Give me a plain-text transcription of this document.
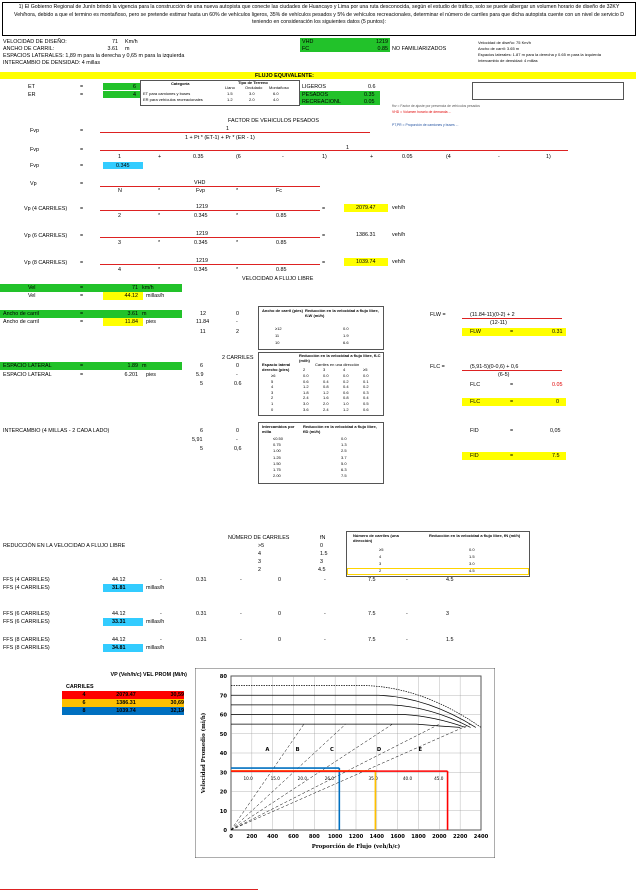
1) El Gobierno Regional de Junín brindo la vigencia para la construcción de una nueva autopista que conecte las ciudades de Huancayo y Lima por una ruta desconocida, según el estudio de tráfico, solo se puede albergar un volumen horario de diseño de 32KY Veh/hora, debido a que el termino es montañoso, pero se pretende estimar hasta un 60% de vehículos ligeros, 35% de vehículos pesados y 5% de vehículos recreacionales, determinar el número de carriles para que dicha autopista cuente con un nivel de servicio D teniendo en consideración los siguientes datos (5 puntos):
VELOCIDAD DE DISEÑO:	71 Km/h
ANCHO DE CARRIL:	3.61 m
ESPACIOS LATERALES: 1,89 m para la derecha y 0,65 m para la izquierda
INTERCAMBIO DE DENSIDAD: 4 millas
VHD	1219
FC	0.85 NO FAMILIARIZADOS
Velocidad de diseño: 75 Km/h
Ancho de carril: 3.65 m
Espacios laterales: 1.87 m para la derecha y 0.65 m para la izquierda
Intercambio de densidad: 4 millas
FLUJO EQUIVALENTE:
ET	=	6
ER	=	4
Categoría	Tipo de Terreno
Llano	Ondulado Montañoso
ET para camiones y buses	1.5	3.0	6.0
ER para vehículos recreacionales	1.2	2.0	4.0
LIGEROS	0.6
PESADOS	0.35
RECREACIONL	0.05
fhv = Factor de ajuste por presencia de vehículos pesados
VHD = Volumen horario de demanda ...
PT,PR = Proporción de camiones y buses ...
FACTOR DE VEHICULOS PESADOS
Fvp	=	1
1 + Pt * (ET-1) + Pr * (ER - 1)
Fvp	=	1
1	+	0.35	(6	-	1)	+	0.05	(4	-	1)
Fvp	=	0.345
Vp	=	VHD
N	*	Fvp	*	Fc
Vp (4 CARRILES) =	1219
2	*	0.345	*	0.85
=	2079.47	veh/h
Vp (6 CARRILES) =	1219
3	*	0.345	*	0.85
=	1386.31	veh/h
Vp (8 CARRILES) =	1219
4	*	0.345	*	0.85
=	1039.74	veh/h
VELOCIDAD A FLUJO LIBRE
Vel	=	71 km/h
Vel	=	44.12 millas/h
Ancho de carril	=	3.61 m
Ancho de carril	=	11.84 pies
12	0
11.84	-
11	2
Ancho de carril (pies) Reducción en la velocidad a flujo libre, fLW (mi/h)
≥12	0.0
11	1.9
10	6.6
FLW =	(11.84-11)(0-2) + 2
(12-11)
FLW	=	0.31
2 CARRILES
ESPACIO LATERAL	=	1.89 m
ESPACIO LATERAL	=	6.201 pies
6	0
5.9	-
5	0.6
Espacio lateral derecho (pies)
Reducción en la velocidad a flujo libre, fLC (mi/h)
Carriles en una dirección
2	3	4	≥5
≥6	0.0	0.0	0.0	0.0
5	0.6	0.4	0.2	0.1
4	1.2	0.8	0.4	0.2
3	1.8	1.2	0.6	0.3
2	2.4	1.6	0.8	0.4
1	3.0	2.0	1.0	0.5
0	3.6	2.4	1.2	0.6
FLC =	(5,91-5)(0-0,6) + 0,6
(6-5)
FLC	=	0.05
FLC	=	0
INTERCAMBIO (4 MILLAS - 2 CADA LADO)	6	0
5,91	-
5	0,6
Intercambios por milla
Reducción en la velocidad a flujo libre, fID (mi/h)
≤0.50	0.0
0.75	1.3
1.00	2.5
1.25	3.7
1.50	5.0
1.75	6.3
2.00	7.5
FID	=	0,05
FID	=	7.5
REDUCCIÓN EN LA VELOCIDAD A FLUJO LIBRE
NÚMERO DE CARRILES	fN
>5	0
4	1.5
3	3
2	4.5
Número de carriles (una dirección)
Reducción en la velocidad a flujo libre, fN (mi/h)
≥5	0.0
4	1.5
3	3.0
2	4.5
FFS (4 CARRILES)	44.12	-	0.31	-	0	-	7.5	-	4.5
FFS (4 CARRILES)	31.81	millas/h
FFS (6 CARRILES)	44.12	-	0.31	-	0	-	7.5	-	3
FFS (6 CARRILES)	33.31	millas/h
FFS (8 CARRILES)	44.12	-	0.31	-	0	-	7.5	-	1.5
FFS (8 CARRILES)	34.81	millas/h
VP (Veh/h/c) VEL PROM (Mi/h)
CARRILES
4	2079.47	30,59
6	1386.31	30,69
8	1039.74	32,19
0	200 400 600 800 1000 1200 1400 1600 1800 2000 2200 2400
0
10
20
30
40
50
60
70
80
Proporción de Flujo (veh/h/c)
Velocidad Promedio (mi/h)	A	B	C	D	E
10.0	15.0	20.0	26.0	35.0	40.0	45.0
